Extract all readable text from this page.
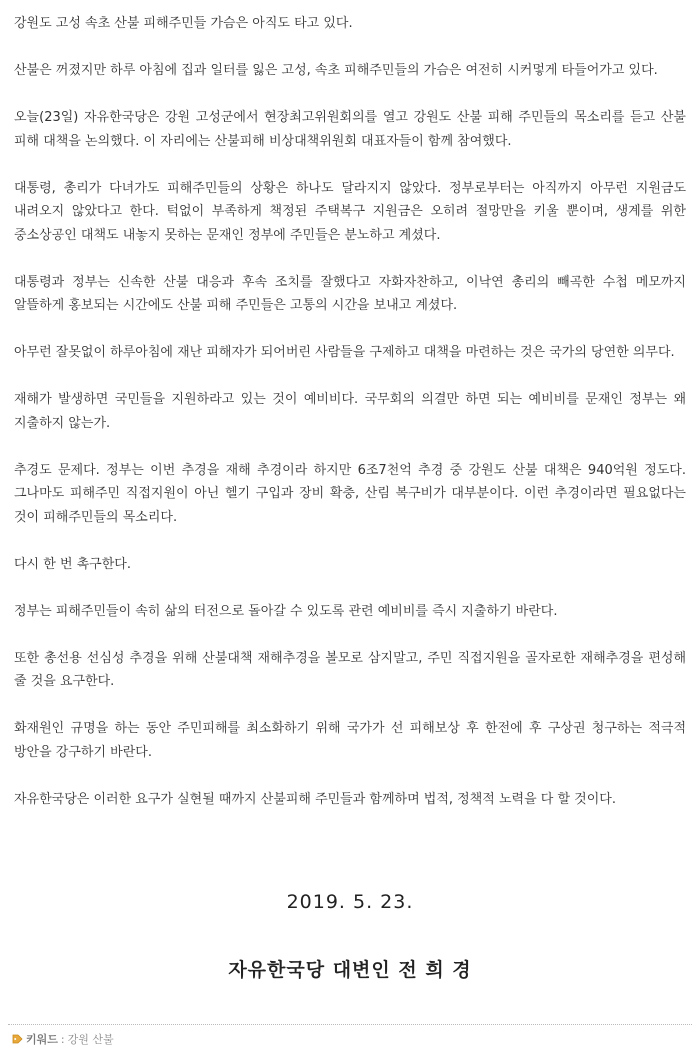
강원도 고성 속초 산불 피해주민들 가슴은 아직도 타고 있다.

산불은 꺼졌지만 하루 아침에 집과 일터를 잃은 고성, 속초 피해주민들의 가슴은 여전히 시커멓게 타들어가고 있다.

오늘(23일) 자유한국당은 강원 고성군에서 현장최고위원회의를 열고 강원도 산불 피해 주민들의 목소리를 듣고 산불 피해 대책을 논의했다. 이 자리에는 산불피해 비상대책위원회 대표자들이 함께 참여했다.

대통령, 총리가 다녀가도 피해주민들의 상황은 하나도 달라지지 않았다. 정부로부터는 아직까지 아무런 지원금도 내려오지 않았다고 한다. 턱없이 부족하게 책정된 주택복구 지원금은 오히려 절망만을 키울 뿐이며, 생계를 위한 중소상공인 대책도 내놓지 못하는 문재인 정부에 주민들은 분노하고 계셨다.

대통령과 정부는 신속한 산불 대응과 후속 조치를 잘했다고 자화자찬하고, 이낙연 총리의 빼곡한 수첩 메모까지 알뜰하게 홍보되는 시간에도 산불 피해 주민들은 고통의 시간을 보내고 계셨다.

아무런 잘못없이 하루아침에 재난 피해자가 되어버린 사람들을 구제하고 대책을 마련하는 것은 국가의 당연한 의무다.

재해가 발생하면 국민들을 지원하라고 있는 것이 예비비다. 국무회의 의결만 하면 되는 예비비를 문재인 정부는 왜 지출하지 않는가.

추경도 문제다. 정부는 이번 추경을 재해 추경이라 하지만 6조7천억 추경 중 강원도 산불 대책은 940억원 정도다. 그나마도 피해주민 직접지원이 아닌 헬기 구입과 장비 확충, 산림 복구비가 대부분이다. 이런 추경이라면 필요없다는 것이 피해주민들의 목소리다.

다시 한 번 촉구한다.

정부는 피해주민들이 속히 삶의 터전으로 돌아갈 수 있도록 관련 예비비를 즉시 지출하기 바란다.

또한 총선용 선심성 추경을 위해 산불대책 재해추경을 볼모로 삼지말고, 주민 직접지원을 골자로한 재해추경을 편성해 줄 것을 요구한다.

화재원인 규명을 하는 동안 주민피해를 최소화하기 위해 국가가 선 피해보상 후 한전에 후 구상권 청구하는 적극적 방안을 강구하기 바란다.

자유한국당은 이러한 요구가 실현될 때까지 산불피해 주민들과 함께하며 법적, 정책적 노력을 다 할 것이다.

2019. 5. 23.
자유한국당 대변인 전 희 경
키워드 : 강원 산불
